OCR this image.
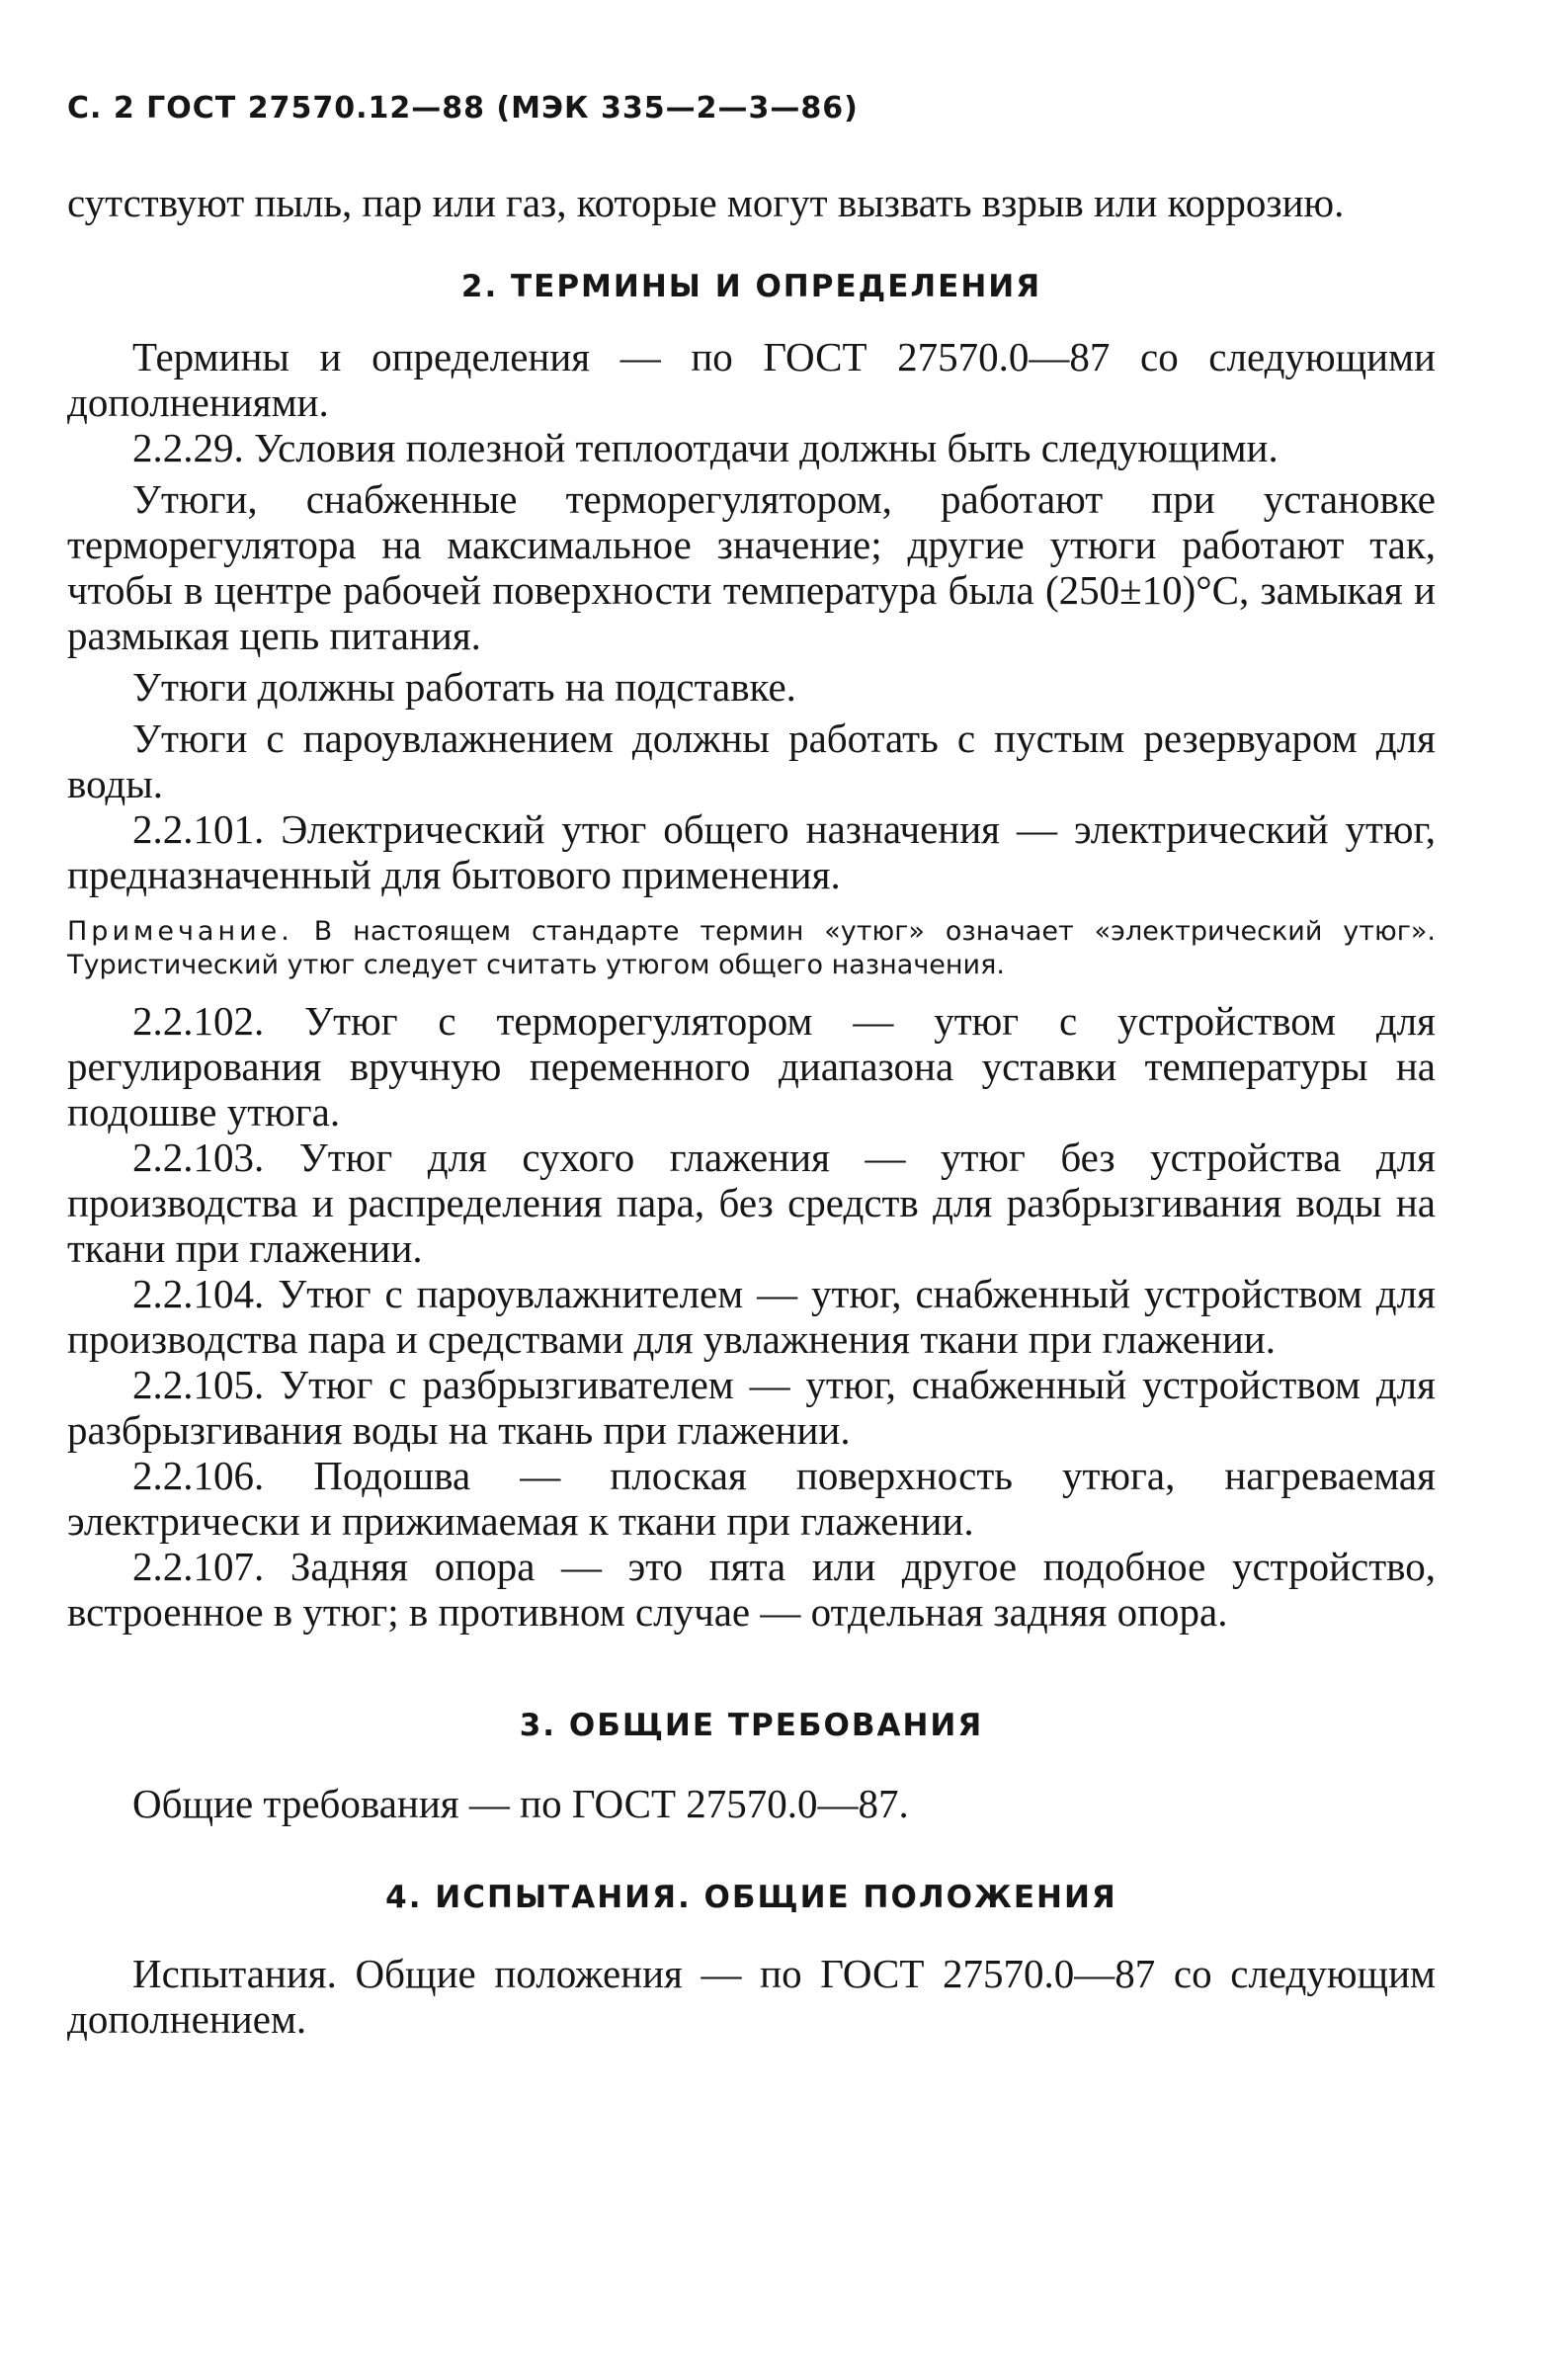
С. 2 ГОСТ 27570.12—88 (МЭК 335—2—3—86)

сутствуют пыль, пар или газ, которые могут вызвать взрыв или коррозию.

2. ТЕРМИНЫ И ОПРЕДЕЛЕНИЯ

Термины и определения — по ГОСТ 27570.0—87 со следующими дополнениями.

2.2.29. Условия полезной теплоотдачи должны быть следующими.

Утюги, снабженные терморегулятором, работают при установке терморегулятора на максимальное значение; другие утюги работают так, чтобы в центре рабочей поверхности температура была (250±10)°С, замыкая и размыкая цепь питания.

Утюги должны работать на подставке.

Утюги с пароувлажнением должны работать с пустым резервуаром для воды.

2.2.101. Электрический утюг общего назначения — электрический утюг, предназначенный для бытового применения.

Примечание. В настоящем стандарте термин «утюг» означает «электрический утюг». Туристический утюг следует считать утюгом общего назначения.

2.2.102. Утюг с терморегулятором — утюг с устройством для регулирования вручную переменного диапазона уставки температуры на подошве утюга.

2.2.103. Утюг для сухого глажения — утюг без устройства для производства и распределения пара, без средств для разбрызгивания воды на ткани при глажении.

2.2.104. Утюг с пароувлажнителем — утюг, снабженный устройством для производства пара и средствами для увлажнения ткани при глажении.

2.2.105. Утюг с разбрызгивателем — утюг, снабженный устройством для разбрызгивания воды на ткань при глажении.

2.2.106. Подошва — плоская поверхность утюга, нагреваемая электрически и прижимаемая к ткани при глажении.

2.2.107. Задняя опора — это пята или другое подобное устройство, встроенное в утюг; в противном случае — отдельная задняя опора.

3. ОБЩИЕ ТРЕБОВАНИЯ

Общие требования — по ГОСТ 27570.0—87.

4. ИСПЫТАНИЯ. ОБЩИЕ ПОЛОЖЕНИЯ

Испытания. Общие положения — по ГОСТ 27570.0—87 со следующим дополнением.
